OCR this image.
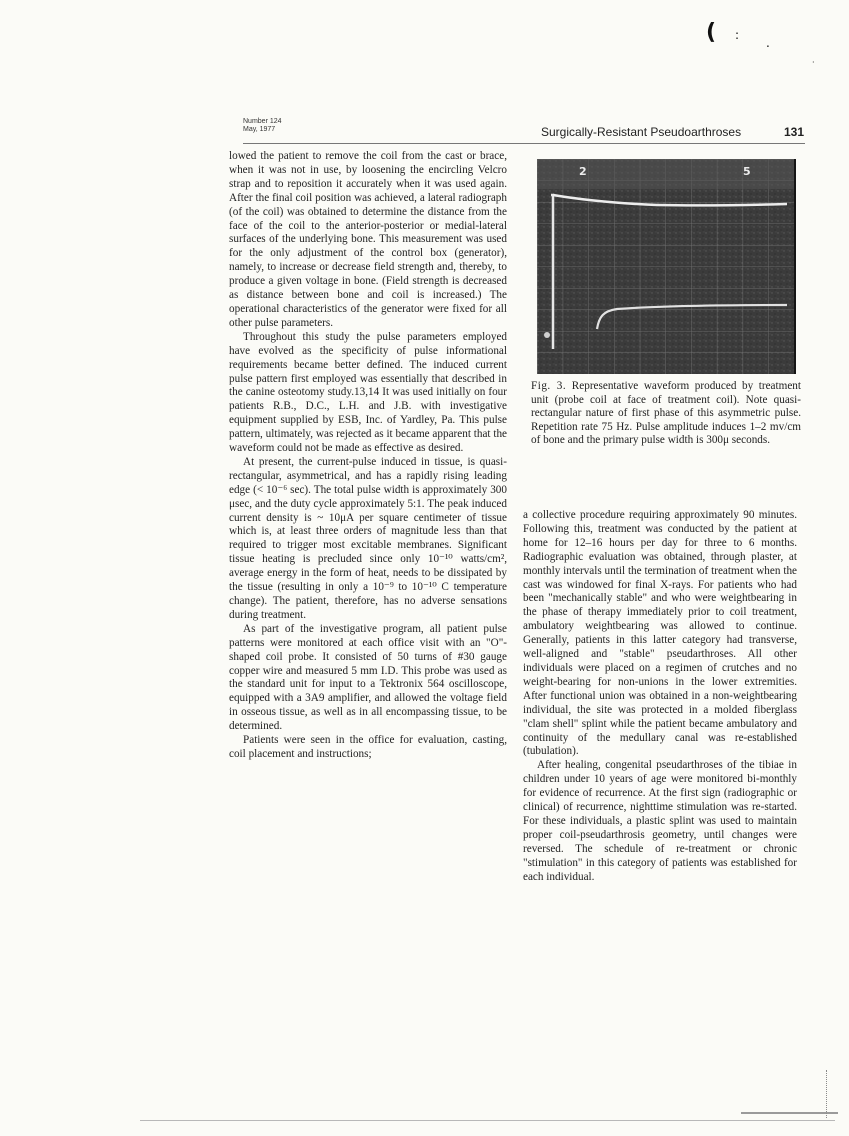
( :
.
·
Number 124
May, 1977	Surgically-Resistant Pseudoarthroses	131

lowed the patient to remove the coil from the cast or brace, when it was not in use, by loosening the encircling Velcro strap and to reposition it accurately when it was used again. After the final coil position was achieved, a lateral radiograph (of the coil) was obtained to determine the distance from the face of the coil to the anterior-posterior or medial-lateral surfaces of the underlying bone. This measurement was used for the only adjustment of the control box (generator), namely, to increase or decrease field strength and, thereby, to produce a given voltage in bone. (Field strength is decreased as distance between bone and coil is increased.) The operational characteristics of the generator were fixed for all other pulse parameters.

Throughout this study the pulse parameters employed have evolved as the specificity of pulse informational requirements became better defined. The induced current pulse pattern first employed was essentially that described in the canine osteotomy study.13,14 It was used initially on four patients R.B., D.C., L.H. and J.B. with investigative equipment supplied by ESB, Inc. of Yardley, Pa. This pulse pattern, ultimately, was rejected as it became apparent that the waveform could not be made as effective as desired.

At present, the current-pulse induced in tissue, is quasi-rectangular, asymmetrical, and has a rapidly rising leading edge (< 10⁻⁶ sec). The total pulse width is approximately 300 μsec, and the duty cycle approximately 5:1. The peak induced current density is ~ 10μA per square centimeter of tissue which is, at least three orders of magnitude less than that required to trigger most excitable membranes. Significant tissue heating is precluded since only 10⁻¹⁰ watts/cm², average energy in the form of heat, needs to be dissipated by the tissue (resulting in only a 10⁻⁹ to 10⁻¹⁰ C temperature change). The patient, therefore, has no adverse sensations during treatment.

As part of the investigative program, all patient pulse patterns were monitored at each office visit with an "O"-shaped coil probe. It consisted of 50 turns of #30 gauge copper wire and measured 5 mm I.D. This probe was used as the standard unit for input to a Tektronix 564 oscilloscope, equipped with a 3A9 amplifier, and allowed the voltage field in osseous tissue, as well as in all encompassing tissue, to be determined.

Patients were seen in the office for evaluation, casting, coil placement and instructions;

2	5
Fig. 3. Representative waveform produced by treatment unit (probe coil at face of treatment coil). Note quasi-rectangular nature of first phase of this asymmetric pulse. Repetition rate 75 Hz. Pulse amplitude induces 1–2 mv/cm of bone and the primary pulse width is 300μ seconds.

a collective procedure requiring approximately 90 minutes. Following this, treatment was conducted by the patient at home for 12–16 hours per day for three to 6 months. Radiographic evaluation was obtained, through plaster, at monthly intervals until the termination of treatment when the cast was windowed for final X-rays. For patients who had been "mechanically stable" and who were weightbearing in the phase of therapy immediately prior to coil treatment, ambulatory weightbearing was allowed to continue. Generally, patients in this latter category had transverse, well-aligned and "stable" pseudarthroses. All other individuals were placed on a regimen of crutches and no weight-bearing for non-unions in the lower extremities. After functional union was obtained in a non-weightbearing individual, the site was protected in a molded fiberglass "clam shell" splint while the patient became ambulatory and continuity of the medullary canal was re-established (tubulation).

After healing, congenital pseudarthroses of the tibiae in children under 10 years of age were monitored bi-monthly for evidence of recurrence. At the first sign (radiographic or clinical) of recurrence, nighttime stimulation was re-started. For these individuals, a plastic splint was used to maintain proper coil-pseudarthrosis geometry, until changes were reversed. The schedule of re-treatment or chronic "stimulation" in this category of patients was established for each individual.
